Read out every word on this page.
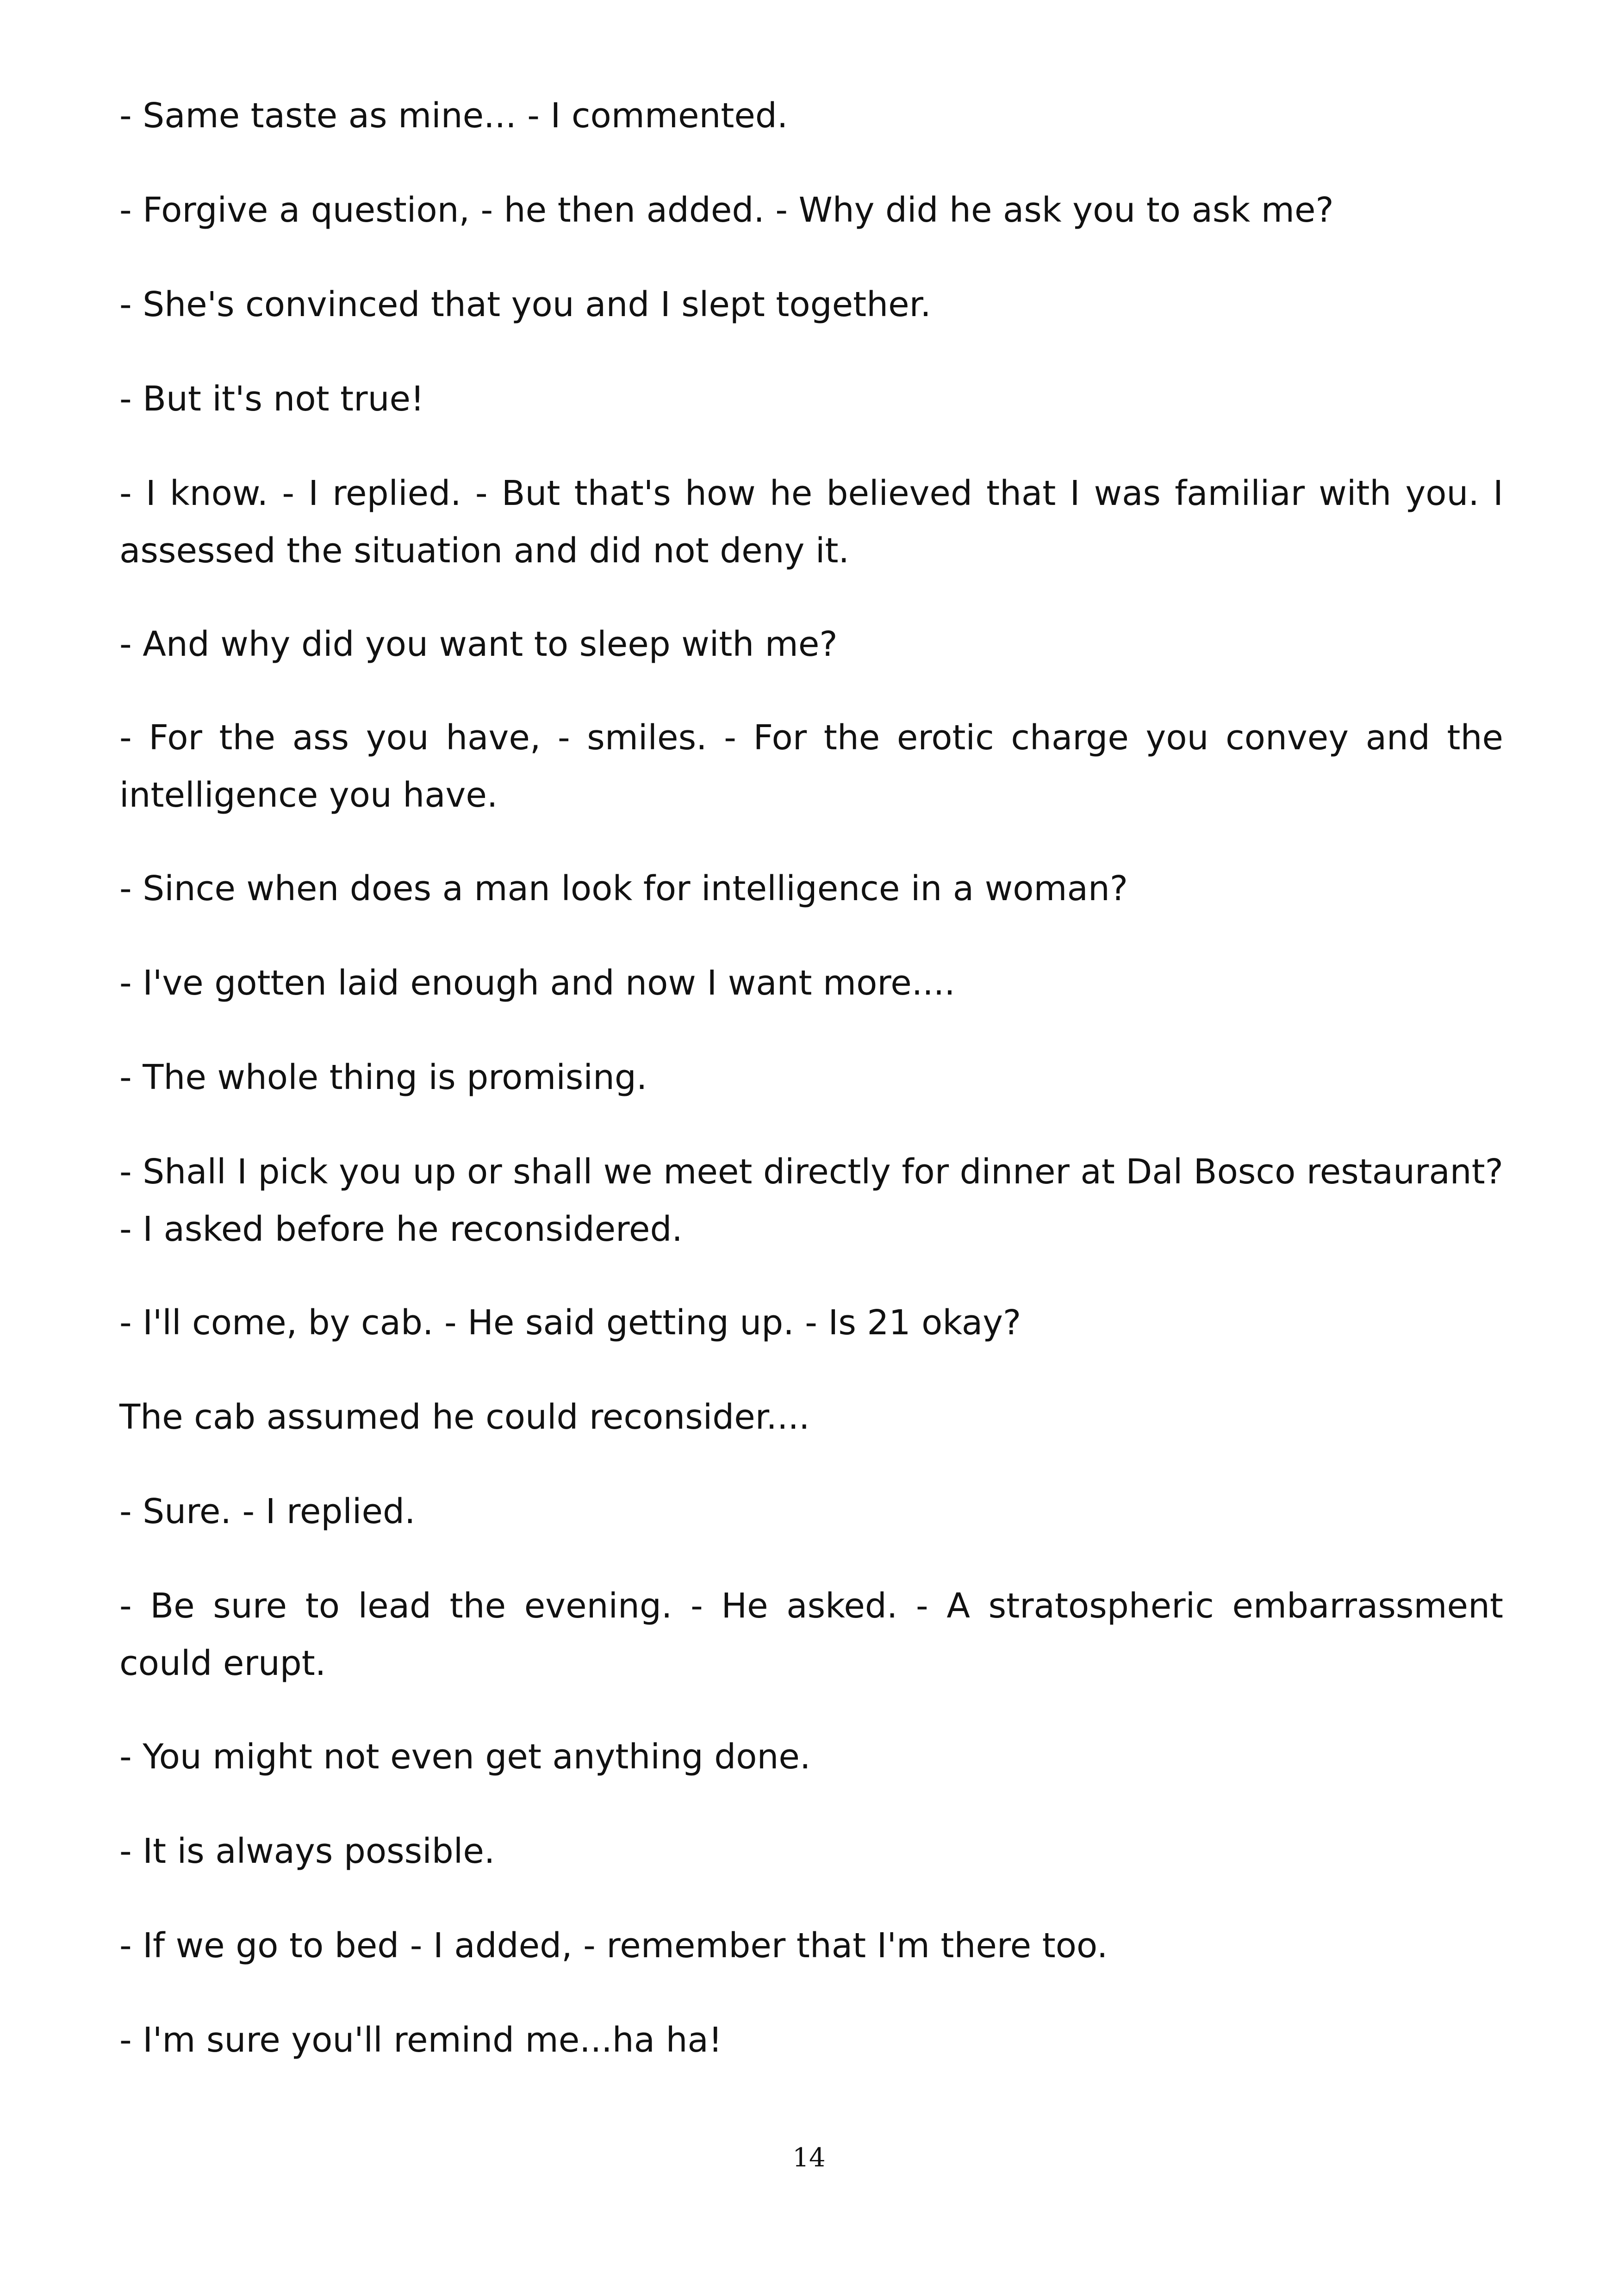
- Same taste as mine... - I commented.

- Forgive a question, - he then added. - Why did he ask you to ask me?

- She's convinced that you and I slept together.

- But it's not true!

- I know. - I replied. - But that's how he believed that I was familiar with you. I assessed the situation and did not deny it.

- And why did you want to sleep with me?

- For the ass you have, - smiles. - For the erotic charge you convey and the intelligence you have.

- Since when does a man look for intelligence in a woman?

- I've gotten laid enough and now I want more....

- The whole thing is promising.

- Shall I pick you up or shall we meet directly for dinner at Dal Bosco restaurant? - I asked before he reconsidered.

- I'll come, by cab. - He said getting up. - Is 21 okay?

The cab assumed he could reconsider....

- Sure. - I replied.

- Be sure to lead the evening. - He asked. - A stratospheric embarrassment could erupt.

- You might not even get anything done.

- It is always possible.

- If we go to bed - I added, - remember that I'm there too.

- I'm sure you'll remind me...ha ha!

14
